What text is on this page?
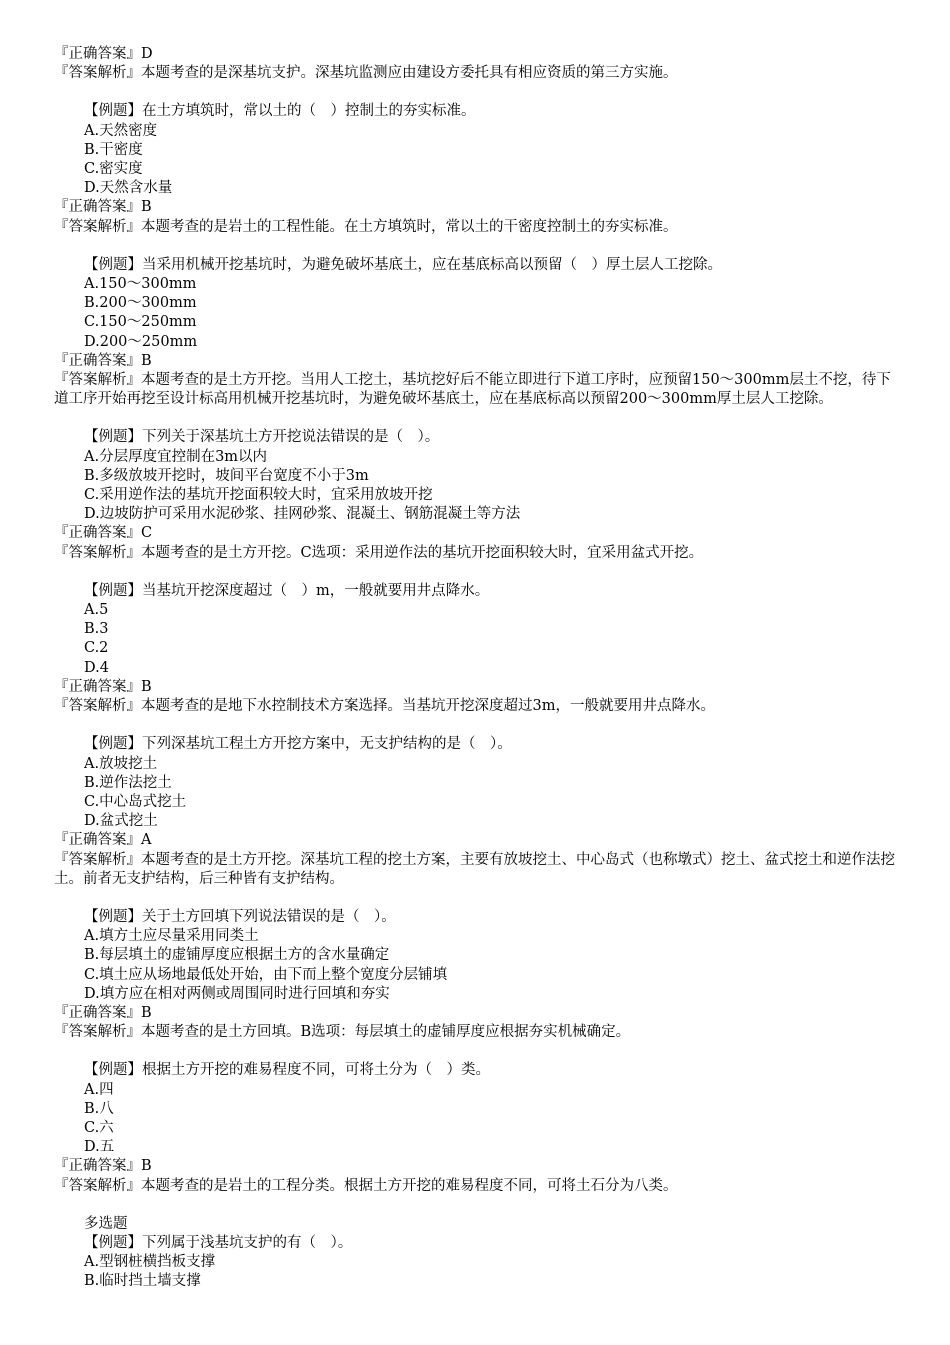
『正确答案』D
『答案解析』本题考查的是深基坑支护。深基坑监测应由建设方委托具有相应资质的第三方实施。
【例题】在土方填筑时，常以土的（　）控制土的夯实标准。
A.天然密度
B.干密度
C.密实度
D.天然含水量
『正确答案』B
『答案解析』本题考查的是岩土的工程性能。在土方填筑时，常以土的干密度控制土的夯实标准。
【例题】当采用机械开挖基坑时，为避免破坏基底土，应在基底标高以预留（　）厚土层人工挖除。
A.150～300mm
B.200～300mm
C.150～250mm
D.200～250mm
『正确答案』B
『答案解析』本题考查的是土方开挖。当用人工挖土，基坑挖好后不能立即进行下道工序时，应预留150～300mm层土不挖，待下道工序开始再挖至设计标高用机械开挖基坑时，为避免破坏基底土，应在基底标高以预留200～300mm厚土层人工挖除。
【例题】下列关于深基坑土方开挖说法错误的是（　）。
A.分层厚度宜控制在3m以内
B.多级放坡开挖时，坡间平台宽度不小于3m
C.采用逆作法的基坑开挖面积较大时，宜采用放坡开挖
D.边坡防护可采用水泥砂浆、挂网砂浆、混凝土、钢筋混凝土等方法
『正确答案』C
『答案解析』本题考查的是土方开挖。C选项：采用逆作法的基坑开挖面积较大时，宜采用盆式开挖。
【例题】当基坑开挖深度超过（　）m，一般就要用井点降水。
A.5
B.3
C.2
D.4
『正确答案』B
『答案解析』本题考查的是地下水控制技术方案选择。当基坑开挖深度超过3m，一般就要用井点降水。
【例题】下列深基坑工程土方开挖方案中，无支护结构的是（　）。
A.放坡挖土
B.逆作法挖土
C.中心岛式挖土
D.盆式挖土
『正确答案』A
『答案解析』本题考查的是土方开挖。深基坑工程的挖土方案，主要有放坡挖土、中心岛式（也称墩式）挖土、盆式挖土和逆作法挖土。前者无支护结构，后三种皆有支护结构。
【例题】关于土方回填下列说法错误的是（　）。
A.填方土应尽量采用同类土
B.每层填土的虚铺厚度应根据土方的含水量确定
C.填土应从场地最低处开始，由下而上整个宽度分层铺填
D.填方应在相对两侧或周围同时进行回填和夯实
『正确答案』B
『答案解析』本题考查的是土方回填。B选项：每层填土的虚铺厚度应根据夯实机械确定。
【例题】根据土方开挖的难易程度不同，可将土分为（　）类。
A.四
B.八
C.六
D.五
『正确答案』B
『答案解析』本题考查的是岩土的工程分类。根据土方开挖的难易程度不同，可将土石分为八类。
多选题
【例题】下列属于浅基坑支护的有（　）。
A.型钢桩横挡板支撑
B.临时挡土墙支撑
